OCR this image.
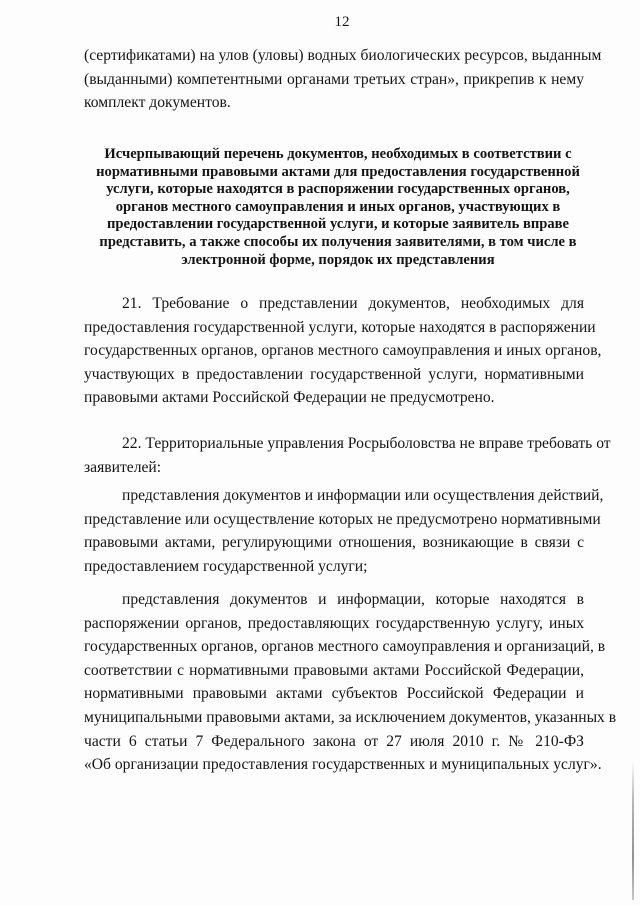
12
(сертификатами) на улов (уловы) водных биологических ресурсов, выданным
(выданными) компетентными органами третьих стран», прикрепив к нему
комплект документов.
Исчерпывающий перечень документов, необходимых в соответствии с
нормативными правовыми актами для предоставления государственной
услуги, которые находятся в распоряжении государственных органов,
органов местного самоуправления и иных органов, участвующих в
предоставлении государственной услуги, и которые заявитель вправе
представить, а также способы их получения заявителями, в том числе в
электронной форме, порядок их представления
21. Требование о представлении документов, необходимых для
предоставления государственной услуги, которые находятся в распоряжении
государственных органов, органов местного самоуправления и иных органов,
участвующих в предоставлении государственной услуги, нормативными
правовыми актами Российской Федерации не предусмотрено.
22. Территориальные управления Росрыболовства не вправе требовать от
заявителей:
представления документов и информации или осуществления действий,
представление или осуществление которых не предусмотрено нормативными
правовыми актами, регулирующими отношения, возникающие в связи с
предоставлением государственной услуги;
представления документов и информации, которые находятся в
распоряжении органов, предоставляющих государственную услугу, иных
государственных органов, органов местного самоуправления и организаций, в
соответствии с нормативными правовыми актами Российской Федерации,
нормативными правовыми актами субъектов Российской Федерации и
муниципальными правовыми актами, за исключением документов, указанных в
части 6 статьи 7 Федерального закона от 27 июля 2010 г. № 210-ФЗ
«Об организации предоставления государственных и муниципальных услуг».
